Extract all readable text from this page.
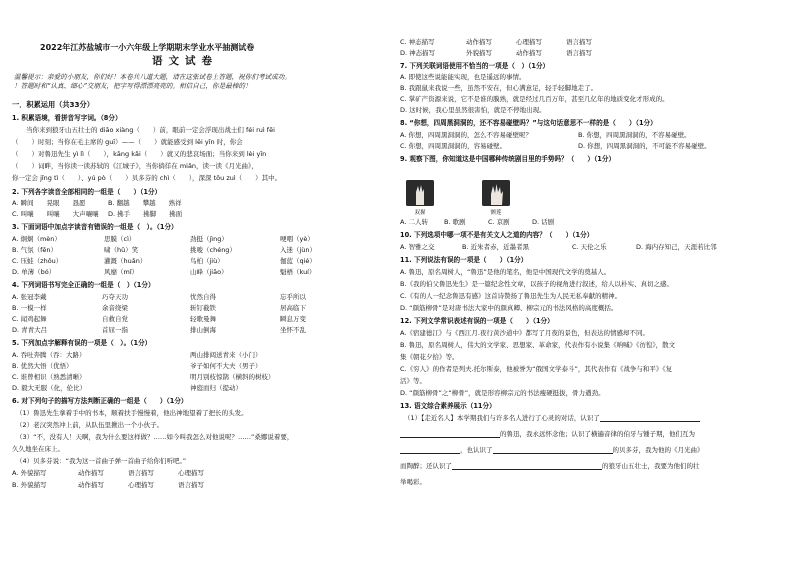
2022年江苏盐城市一小六年级上学期期末学业水平抽测试卷
语文试卷
温馨提示：亲爱的小朋友，你们好！本卷共八道大题，请在这张试卷上答题，祝你们考试成功。
！答题时和“认真、细心”交朋友，把字写得漂漂亮亮的。相信自己，你是最棒的！
一．积累运用（共33分）
1. 积累语境，看拼音写字词。（8分）
当你来到狼牙山五壮士的 diāo xiàng（　　）前，眼前一定会浮现出战士们 féi ruì fēi
（　　）时刻；当你在毛主席的 guī）——（　　）就能感受到 lěi yīn 时，你会
（　　）对鲁迅先生 yì lì（　　），kāng kǎi（　　）就又的悲哀场面；当你来到 lèi yīn
（　　）词畔，当你读一读苏轼的《江城子》，当你徜徉在 miǎn，读一读《月光曲》，
你一定会 jǐng tì（　　）、yú pò（　　）贝多芬的 chì（　　），深深 tōu zuì（　　）其中。
2. 下列各字读音全部相同的一组是（　　）（1分）
A. 瞬间　　晃眼　　恳愿	B. 翻越　　攀越　　熟祥
C. 叫嚷　　叫嚷　　大声嚷嚷 D. 拂手　　拂脚　　拂面
3. 下面词语中加点字读音有错误的一组是（　）。（1分）
A. 炯炯（mèn）	思膜（cì）	劲挺（jìng）	哽咽（yè）
B. 气氛（fēn）	啸（hǔ）笑	挑唆（chéng）	入迷（jùn）
C. 压蛙（zhōu）	灌溉（huǎn）	鸟柏（jiù）	伽蓝（qié）
D. 单薄（bó）	风靡（mǐ）	山峰（jiāo）	魁梧（kuí）
4. 下列词语书写完全正确的一组是（　）（1分）
A. 张冠李戴	巧夺天功	忧然自得	忘乎所以
B. 一模一样	余音绕梁	斩钉截铁	居高临下
C. 闻鸡起舞	自救自党	轻歌曼舞	瞬息万变
D. 青青大吕	首屈一指	排山倒海	坐怀不乱
5. 下列加点字解释有误的一项是（　）。（1分）
A. 吞吐奔腾（吞：大路）	两山排闼送青来（小门）
B. 优然大悟（优悟）	爷子如何不大夫（男子）
C. 谁曾相识（熟悉清晰）	明月别枝惊鹊（横斜的树枝）
D. 毅大无服（化，伦比）	神庭而归（提动）
6. 对下列句子的描写方法判断正确的一组是（　　）（1分）
（1）鲁迅先生拿着手中的书本，顺着扶手慢慢着，他出神地望着了把长的头发。
（2）老汉突然冲上前，从队伍里揪出一个小伙子。
（3）“不，没有人！天啊，我为什么要这样做？……如今叫我怎么对他说呢？……”桑娜说着要，
久久地坐在床上。
（4）贝多芬说：“我为这一首曲子弹一首曲子给你们听吧。”
A. 外貌描写	动作描写	语言描写	心理描写
B. 外貌描写	动作描写	心理描写	语言描写
C. 神态描写	动作描写	心理描写	语言描写
D. 神态描写	外貌描写	动作描写	语言描写
7. 下列关联词语使用不恰当的一项是（　）（1分）
A. 即使这些说能能实现，也是遥远的事情。
B. 我跟鼠来我说一些，虽然不安在，但心满意足，轻手轻脚地走了。
C. 掌矿产资源来说，它不是谁的膜熟，就是经过几百万年，甚至几亿年的地质变化才形成的。
D. 这时候，我心里虽然很害怕，就是不停地出现。
8. “你想，四周黑洞洞的，还不容易碰壁吗？”与这句话意思不一样的是（　　）（1分）
A. 你想，四周黑洞洞的，怎么不容易碰壁呢？	B. 你想，四周黑洞洞的，不容易碰壁。
C. 你想，四周黑洞洞的，容易碰壁。	D. 你想，四周黑洞洞的，不可能不容易碰壁。
9. 观察下图，你知道这是中国哪种传统剧目里的手势吗？（　　）（1分）
双握	颤莲
A. 二人转 B. 歌剧	C. 京剧	D. 话剧
10. 下列选项中哪一项不是有关文人之道的内容？（　　）（1分）
A. 智雅之交	B. 近朱者赤，近墨者黑	C. 天伦之乐	D. 海内存知己，天涯若比邻
11. 下列说法有误的一项是（　　）（1分）
A. 鲁迅，原名周树人，“鲁迅”是他的笔名，他是中国现代文学的奠基人。
B.《我的伯父鲁迅先生》是一篇纪念性文章，以孩子的视角进行叙述，给人以朴实、真切之感。
C.《有的人一纪念鲁迅有感》这首诗赞扬了鲁迅先生为人民无私奉献的精神。
D. “颜筋柳骨”是对唐书法大家中的颜真卿、柳宗元的书法风格的高度概括。
12. 下列文学常识表述有误的一项是（　　）（1分）
A.《宿建德江》与《西江月.夜行黄沙道中》都写了月夜的景色，但表达的情感却不同。
B. 鲁迅，原名周树人，伟大的文学家、思想家、革命家，代表作有小说集《呐喊》《彷徨》，散文
集《朝花夕拾》等。
C.《穷人》的作者是列夫.托尔斯泰，他被誉为“俄国文学泰斗”，其代表作有《战争与和平》《复
活》等。
D. “颜筋柳骨”之“柳骨”，就是形容柳宗元的书法瘦硬挺拔，骨力遒劲。
13. 语文综合素养展示（11分）
（1）【走近名人】本学期我们与许多名人进行了心灵的对话，认识了
的鲁迅，我永远怀念他；认识了横遍音律的伯牙与锺子期，他们互为
，也认识了	的贝多芬，我为他的《月光曲》
而陶醉；还认识了	的狼牙山五壮士，我要为他们的壮
举喝彩。
